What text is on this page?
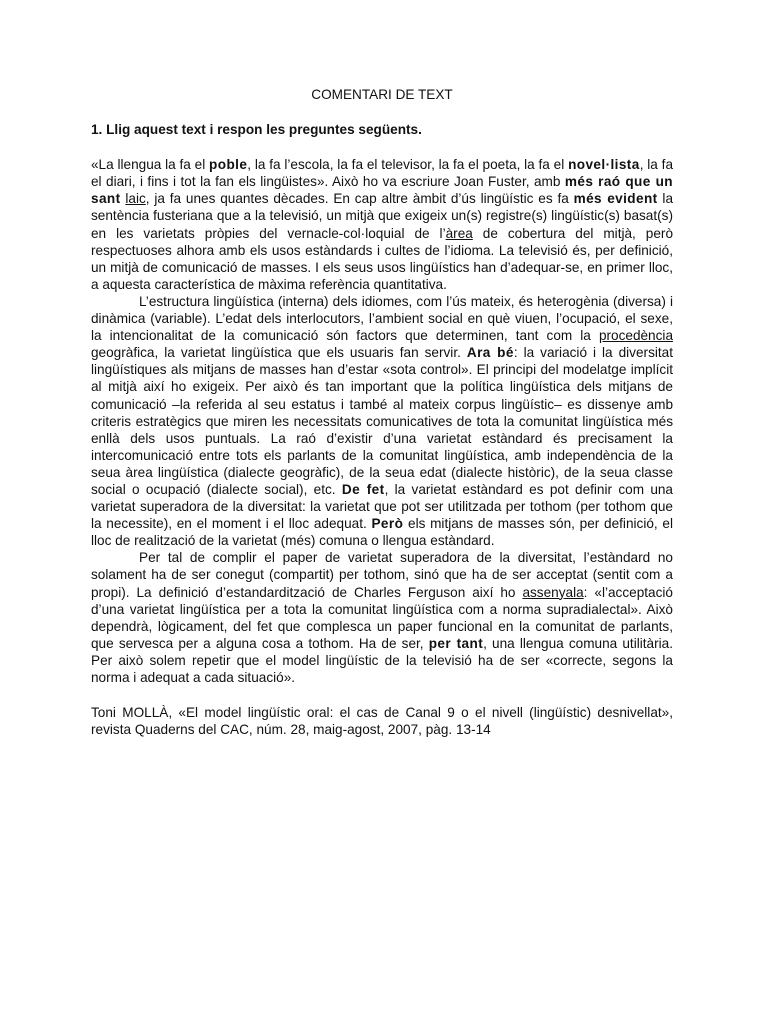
COMENTARI DE TEXT
1. Llig aquest text i respon les preguntes següents.

«La llengua la fa el poble, la fa l’escola, la fa el televisor, la fa el poeta, la fa el novel·lista, la fa el diari, i fins i tot la fan els lingüistes». Això ho va escriure Joan Fuster, amb més raó que un sant laic, ja fa unes quantes dècades. En cap altre àmbit d’ús lingüístic es fa més evident la sentència fusteriana que a la televisió, un mitjà que exigeix un(s) registre(s) lingüístic(s) basat(s) en les varietats pròpies del vernacle-col·loquial de l’àrea de cobertura del mitjà, però respectuoses alhora amb els usos estàndards i cultes de l’idioma. La televisió és, per definició, un mitjà de comunicació de masses. I els seus usos lingüístics han d’adequar-se, en primer lloc, a aquesta característica de màxima referència quantitativa.

L’estructura lingüística (interna) dels idiomes, com l’ús mateix, és heterogènia (diversa) i dinàmica (variable). L’edat dels interlocutors, l’ambient social en què viuen, l’ocupació, el sexe, la intencionalitat de la comunicació són factors que determinen, tant com la procedència geogràfica, la varietat lingüística que els usuaris fan servir. Ara bé: la variació i la diversitat lingüístiques als mitjans de masses han d’estar «sota control». El principi del modelatge implícit al mitjà així ho exigeix. Per això és tan important que la política lingüística dels mitjans de comunicació –la referida al seu estatus i també al mateix corpus lingüístic– es dissenye amb criteris estratègics que miren les necessitats comunicatives de tota la comunitat lingüística més enllà dels usos puntuals. La raó d’existir d’una varietat estàndard és precisament la intercomunicació entre tots els parlants de la comunitat lingüística, amb independència de la seua àrea lingüística (dialecte geogràfic), de la seua edat (dialecte històric), de la seua classe social o ocupació (dialecte social), etc. De fet, la varietat estàndard es pot definir com una varietat superadora de la diversitat: la varietat que pot ser utilitzada per tothom (per tothom que la necessite), en el moment i el lloc adequat. Però els mitjans de masses són, per definició, el lloc de realització de la varietat (més) comuna o llengua estàndard.

Per tal de complir el paper de varietat superadora de la diversitat, l’estàndard no solament ha de ser conegut (compartit) per tothom, sinó que ha de ser acceptat (sentit com a propi). La definició d’estandardització de Charles Ferguson així ho assenyala: «l’acceptació d’una varietat lingüística per a tota la comunitat lingüística com a norma supradialectal». Això dependrà, lògicament, del fet que complesca un paper funcional en la comunitat de parlants, que servesca per a alguna cosa a tothom. Ha de ser, per tant, una llengua comuna utilitària. Per això solem repetir que el model lingüístic de la televisió ha de ser «correcte, segons la norma i adequat a cada situació».

Toni MOLLÀ, «El model lingüístic oral: el cas de Canal 9 o el nivell (lingüístic) desnivellat», revista Quaderns del CAC, núm. 28, maig-agost, 2007, pàg. 13-14
